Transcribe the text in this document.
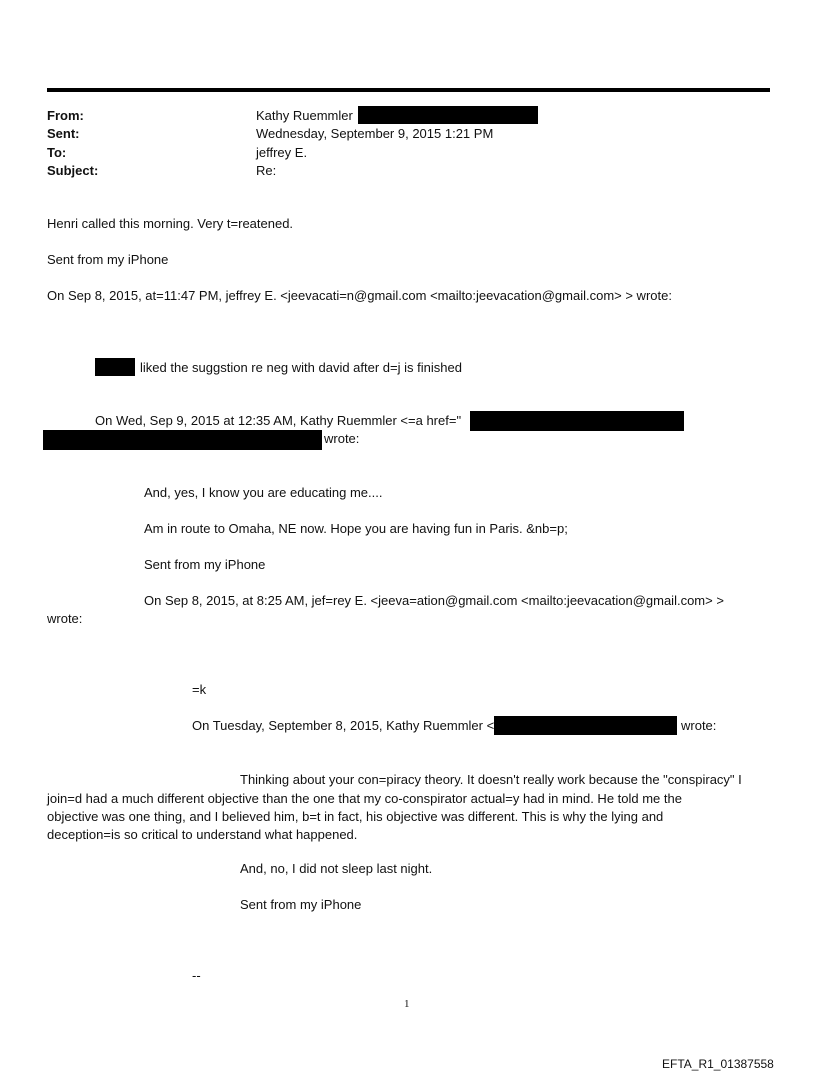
From:	Kathy Ruemmler
Sent:	Wednesday, September 9, 2015 1:21 PM
To:	jeffrey E.
Subject:	Re:
Henri called this morning. Very t=reatened.
Sent from my iPhone
On Sep 8, 2015, at=11:47 PM, jeffrey E. <jeevacati=n@gmail.com <mailto:jeevacation@gmail.com> > wrote:
liked the suggstion re neg with david after d=j is finished
On Wed, Sep 9, 2015 at 12:35 AM, Kathy Ruemmler <=a href="
wrote:
And, yes, I know you are educating me....
Am in route to Omaha, NE now. Hope you are having fun in Paris. &nb=p;
Sent from my iPhone
On Sep 8, 2015, at 8:25 AM, jef=rey E. <jeeva=ation@gmail.com <mailto:jeevacation@gmail.com> >
wrote:
=k
On Tuesday, September 8, 2015, Kathy Ruemmler <	wrote:
Thinking about your con=piracy theory. It doesn't really work because the "conspiracy" I
join=d had a much different objective than the one that my co-conspirator actual=y had in mind. He told me the objective was one thing, and I believed him, b=t in fact, his objective was different. This is why the lying and deception=is so critical to understand what happened.
And, no, I did not sleep last night.
Sent from my iPhone
--
1
EFTA_R1_01387558
